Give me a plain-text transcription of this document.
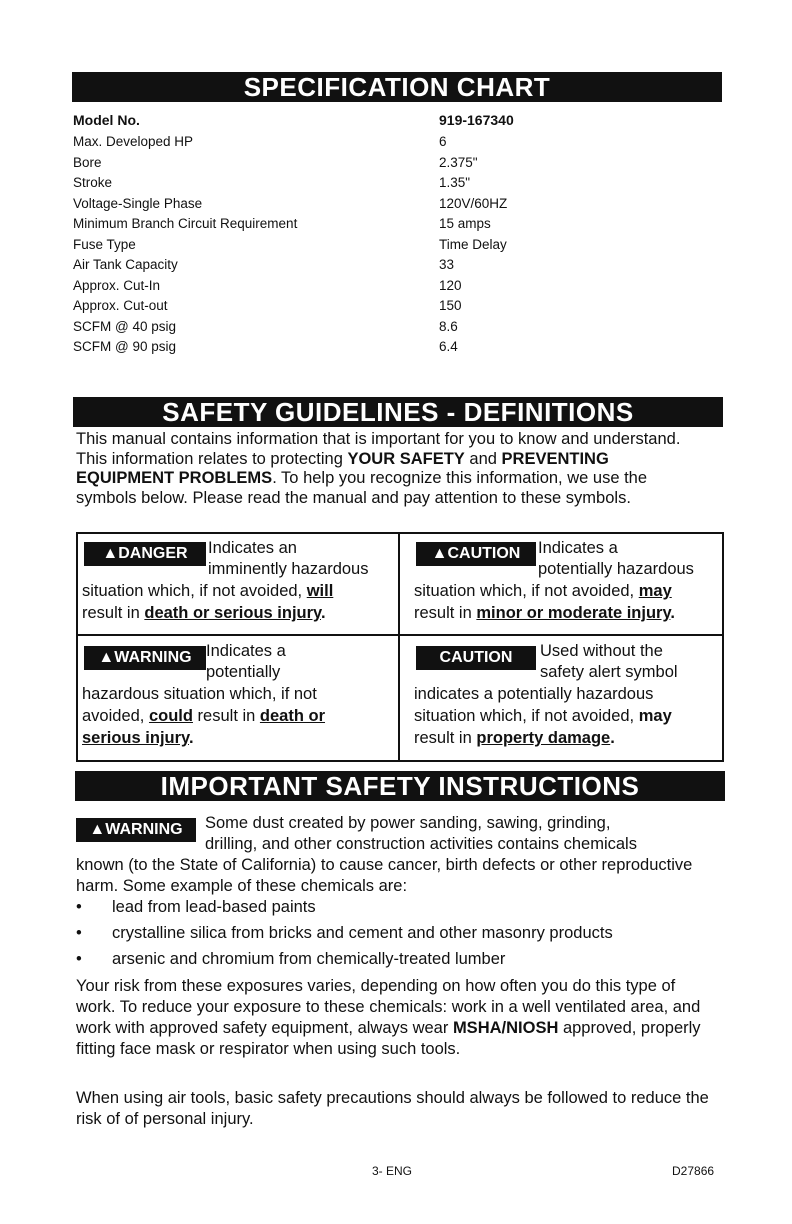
SPECIFICATION CHART
Model No.	919-167340
Max. Developed HP	6
Bore	2.375"
Stroke	1.35"
Voltage-Single Phase	120V/60HZ
Minimum Branch Circuit Requirement	15 amps
Fuse Type	Time Delay
Air Tank Capacity	33
Approx. Cut-In	120
Approx. Cut-out	150
SCFM @ 40 psig	8.6
SCFM @ 90 psig	6.4
SAFETY GUIDELINES - DEFINITIONS
This manual contains information that is important for you to know and understand. This information relates to protecting YOUR SAFETY and PREVENTING EQUIPMENT PROBLEMS. To help you recognize this information, we use the symbols below. Please read the manual and pay attention to these symbols.
▲DANGER	Indicates an
imminently hazardous
situation which, if not avoided, will
result in death or serious injury.
▲CAUTION	Indicates a
potentially hazardous
situation which, if not avoided, may
result in minor or moderate injury.
▲WARNING Indicates a
potentially
hazardous situation which, if not
avoided, could result in death or
serious injury.
CAUTION	Used without the
safety alert symbol
indicates a potentially hazardous
situation which, if not avoided, may
result in property damage.
IMPORTANT SAFETY INSTRUCTIONS
▲WARNING	Some dust created by power sanding, sawing, grinding,
drilling, and other construction activities contains chemicals
known (to the State of California) to cause cancer, birth defects or other reproductive harm. Some example of these chemicals are:
• lead from lead-based paints
• crystalline silica from bricks and cement and other masonry products
• arsenic and chromium from chemically-treated lumber
Your risk from these exposures varies, depending on how often you do this type of work. To reduce your exposure to these chemicals: work in a well ventilated area, and work with approved safety equipment, always wear MSHA/NIOSH approved, properly fitting face mask or respirator when using such tools.
When using air tools, basic safety precautions should always be followed to reduce the risk of of personal injury.
3- ENG	D27866
